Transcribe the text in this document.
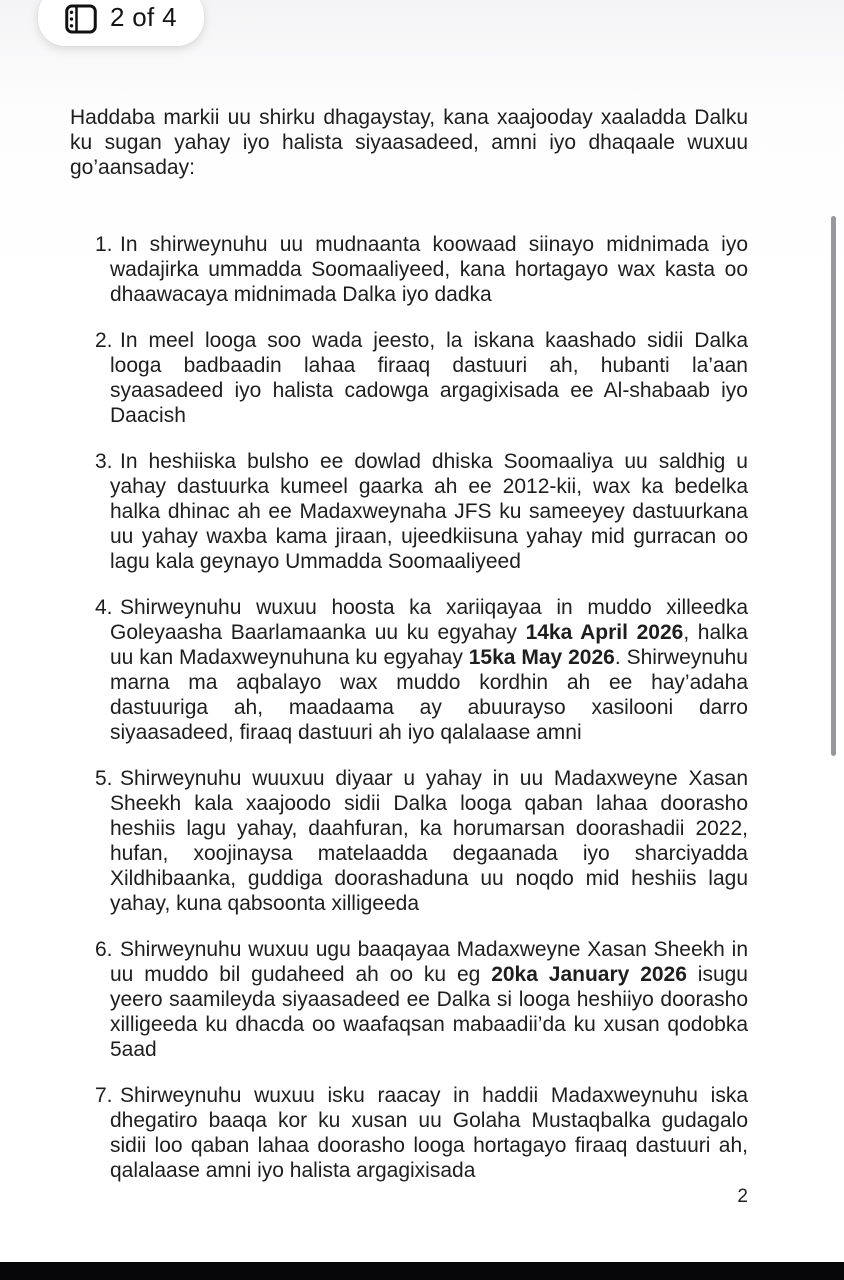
2 of 4

Haddaba markii uu shirku dhagaystay, kana xaajooday xaaladda Dalku ku sugan yahay iyo halista siyaasadeed, amni iyo dhaqaale wuxuu go’aansaday:

1. In shirweynuhu uu mudnaanta koowaad siinayo midnimada iyo wadajirka ummadda Soomaaliyeed, kana hortagayo wax kasta oo dhaawacaya midnimada Dalka iyo dadka
2. In meel looga soo wada jeesto, la iskana kaashado sidii Dalka looga badbaadin lahaa firaaq dastuuri ah, hubanti la’aan syaasadeed iyo halista cadowga argagixisada ee Al-shabaab iyo Daacish
3. In heshiiska bulsho ee dowlad dhiska Soomaaliya uu saldhig u yahay dastuurka kumeel gaarka ah ee 2012-kii, wax ka bedelka halka dhinac ah ee Madaxweynaha JFS ku sameeyey dastuurkana uu yahay waxba kama jiraan, ujeedkiisuna yahay mid gurracan oo lagu kala geynayo Ummadda Soomaaliyeed
4. Shirweynuhu wuxuu hoosta ka xariiqayaa in muddo xilleedka Goleyaasha Baarlamaanka uu ku egyahay 14ka April 2026, halka uu kan Madaxweynuhuna ku egyahay 15ka May 2026. Shirweynuhu marna ma aqbalayo wax muddo kordhin ah ee hay’adaha dastuuriga ah, maadaama ay abuurayso xasilooni darro siyaasadeed, firaaq dastuuri ah iyo qalalaase amni
5. Shirweynuhu wuuxuu diyaar u yahay in uu Madaxweyne Xasan Sheekh kala xaajoodo sidii Dalka looga qaban lahaa doorasho heshiis lagu yahay, daahfuran, ka horumarsan doorashadii 2022, hufan, xoojinaysa matelaadda degaanada iyo sharciyadda Xildhibaanka, guddiga doorashaduna uu noqdo mid heshiis lagu yahay, kuna qabsoonta xilligeeda
6. Shirweynuhu wuxuu ugu baaqayaa Madaxweyne Xasan Sheekh in uu muddo bil gudaheed ah oo ku eg 20ka January 2026 isugu yeero saamileyda siyaasadeed ee Dalka si looga heshiiyo doorasho xilligeeda ku dhacda oo waafaqsan mabaadii’da ku xusan qodobka 5aad
7. Shirweynuhu wuxuu isku raacay in haddii Madaxweynuhu iska dhegatiro baaqa kor ku xusan uu Golaha Mustaqbalka gudagalo sidii loo qaban lahaa doorasho looga hortagayo firaaq dastuuri ah, qalalaase amni iyo halista argagixisada
2
